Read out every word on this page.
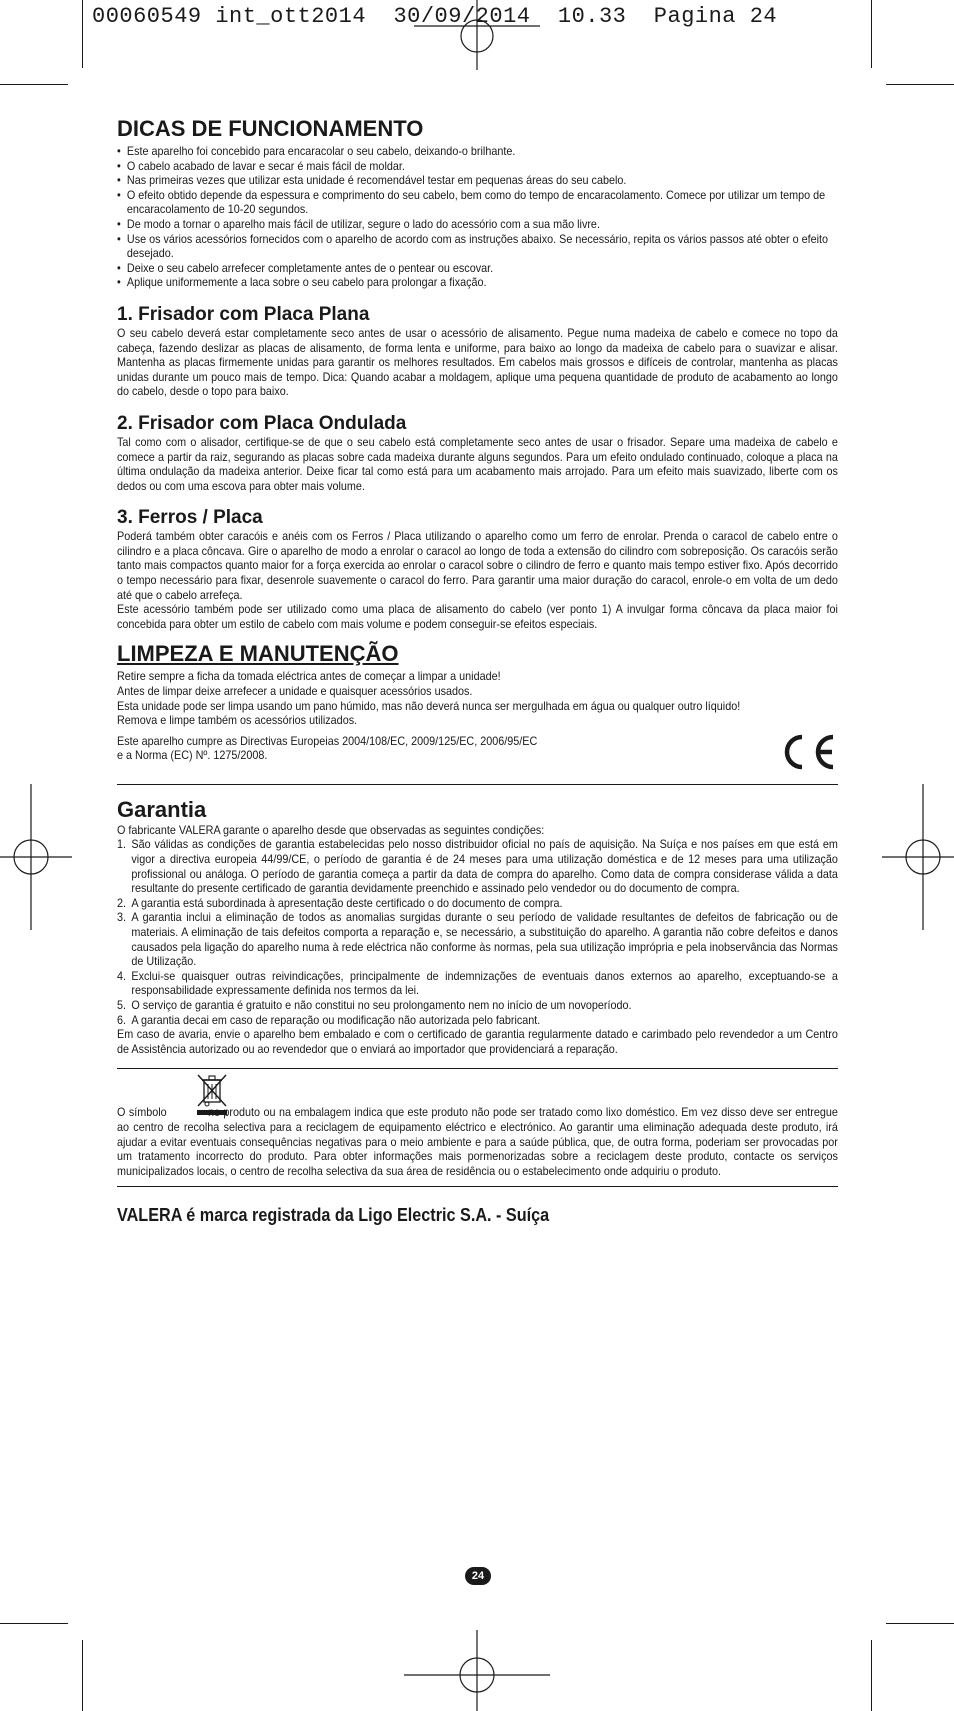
00060549 int_ott2014  30/09/2014  10.33  Pagina 24
DICAS DE FUNCIONAMENTO
• Este aparelho foi concebido para encaracolar o seu cabelo, deixando-o brilhante.
• O cabelo acabado de lavar e secar é mais fácil de moldar.
• Nas primeiras vezes que utilizar esta unidade é recomendável testar em pequenas áreas do seu cabelo.
• O efeito obtido depende da espessura e comprimento do seu cabelo, bem como do tempo de encaracolamento. Comece por utilizar um tempo de encaracolamento de 10-20 segundos.
• De modo a tornar o aparelho mais fácil de utilizar, segure o lado do acessório com a sua mão livre.
• Use os vários acessórios fornecidos com o aparelho de acordo com as instruções abaixo. Se necessário, repita os vários passos até obter o efeito desejado.
• Deixe o seu cabelo arrefecer completamente antes de o pentear ou escovar.
• Aplique uniformemente a laca sobre o seu cabelo para prolongar a fixação.
1. Frisador com Placa Plana

O seu cabelo deverá estar completamente seco antes de usar o acessório de alisamento. Pegue numa madeixa de cabelo e comece no topo da cabeça, fazendo deslizar as placas de alisamento, de forma lenta e uniforme, para baixo ao longo da madeixa de cabelo para o suavizar e alisar. Mantenha as placas firmemente unidas para garantir os melhores resultados. Em cabelos mais grossos e difíceis de controlar, mantenha as placas unidas durante um pouco mais de tempo. Dica: Quando acabar a moldagem, aplique uma pequena quantidade de produto de acabamento ao longo do cabelo, desde o topo para baixo.

2. Frisador com Placa Ondulada

Tal como com o alisador, certifique-se de que o seu cabelo está completamente seco antes de usar o frisador. Separe uma madeixa de cabelo e comece a partir da raiz, segurando as placas sobre cada madeixa durante alguns segundos. Para um efeito ondulado continuado, coloque a placa na última ondulação da madeixa anterior. Deixe ficar tal como está para um acabamento mais arrojado. Para um efeito mais suavizado, liberte com os dedos ou com uma escova para obter mais volume.

3. Ferros / Placa

Poderá também obter caracóis e anéis com os Ferros / Placa utilizando o aparelho como um ferro de enrolar. Prenda o caracol de cabelo entre o cilindro e a placa côncava. Gire o aparelho de modo a enrolar o caracol ao longo de toda a extensão do cilindro com sobreposição. Os caracóis serão tanto mais compactos quanto maior for a força exercida ao enrolar o caracol sobre o cilindro de ferro e quanto mais tempo estiver fixo. Após decorrido o tempo necessário para fixar, desenrole suavemente o caracol do ferro. Para garantir uma maior duração do caracol, enrole-o em volta de um dedo até que o cabelo arrefeça.

Este acessório também pode ser utilizado como uma placa de alisamento do cabelo (ver ponto 1) A invulgar forma côncava da placa maior foi concebida para obter um estilo de cabelo com mais volume e podem conseguir-se efeitos especiais.

LIMPEZA E MANUTENÇÃO

Retire sempre a ficha da tomada eléctrica antes de começar a limpar a unidade!

Antes de limpar deixe arrefecer a unidade e quaisquer acessórios usados.

Esta unidade pode ser limpa usando um pano húmido, mas não deverá nunca ser mergulhada em água ou qualquer outro líquido!

Remova e limpe também os acessórios utilizados.

Este aparelho cumpre as Directivas Europeias 2004/108/EC, 2009/125/EC, 2006/95/EC

e a Norma (EC) Nº. 1275/2008.

Garantia

O fabricante VALERA garante o aparelho desde que observadas as seguintes condições:

1. São válidas as condições de garantia estabelecidas pelo nosso distribuidor oficial no país de aquisição. Na Suíça e nos países em que está em vigor a directiva europeia 44/99/CE, o período de garantia é de 24 meses para uma utilização doméstica e de 12 meses para uma utilização profissional ou análoga. O período de garantia começa a partir da data de compra do aparelho. Como data de compra considerase válida a data resultante do presente certificado de garantia devidamente preenchido e assinado pelo vendedor ou do documento de compra.
2. A garantia está subordinada à apresentação deste certificado o do documento de compra.
3. A garantia inclui a eliminação de todos as anomalias surgidas durante o seu período de validade resultantes de defeitos de fabricação ou de materiais. A eliminação de tais defeitos comporta a reparação e, se necessário, a substituição do aparelho. A garantia não cobre defeitos e danos causados pela ligação do aparelho numa à rede eléctrica não conforme às normas, pela sua utilização imprópria e pela inobservância das Normas de Utilização.
4. Exclui-se quaisquer outras reivindicações, principalmente de indemnizações de eventuais danos externos ao aparelho, exceptuando-se a responsabilidade expressamente definida nos termos da lei.
5. O serviço de garantia é gratuito e não constitui no seu prolongamento nem no início de um novoperíodo.
6. A garantia decai em caso de reparação ou modificação não autorizada pelo fabricant.

Em caso de avaria, envie o aparelho bem embalado e com o certificado de garantia regularmente datado e carimbado pelo revendedor a um Centro de Assistência autorizado ou ao revendedor que o enviará ao importador que providenciará a reparação.

O símbolo	no produto ou na embalagem indica que este produto não pode ser tratado como lixo doméstico. Em vez disso deve ser entregue ao centro de recolha selectiva para a reciclagem de equipamento eléctrico e electrónico. Ao garantir uma eliminação adequada deste produto, irá ajudar a evitar eventuais consequências negativas para o meio ambiente e para a saúde pública, que, de outra forma, poderiam ser provocadas por um tratamento incorrecto do produto. Para obter informações mais pormenorizadas sobre a reciclagem deste produto, contacte os serviços municipalizados locais, o centro de recolha selectiva da sua área de residência ou o estabelecimento onde adquiriu o produto.

VALERA é marca registrada da Ligo Electric S.A. - Suíça
24
